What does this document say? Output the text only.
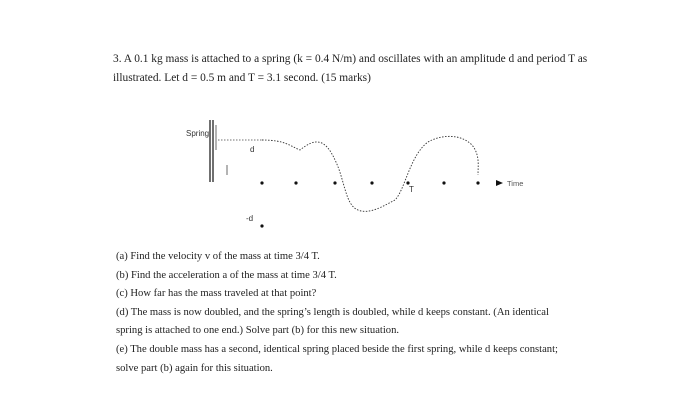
3. A 0.1 kg mass is attached to a spring (k = 0.4 N/m) and oscillates with an amplitude d and period T as

illustrated. Let d = 0.5 m and T = 3.1 second. (15 marks)

Spring
d
T
Time
-d

(a) Find the velocity v of the mass at time 3/4 T.

(b) Find the acceleration a of the mass at time 3/4 T.

(c) How far has the mass traveled at that point?

(d) The mass is now doubled, and the spring’s length is doubled, while d keeps constant. (An identical

spring is attached to one end.) Solve part (b) for this new situation.

(e) The double mass has a second, identical spring placed beside the first spring, while d keeps constant;

solve part (b) again for this situation.
